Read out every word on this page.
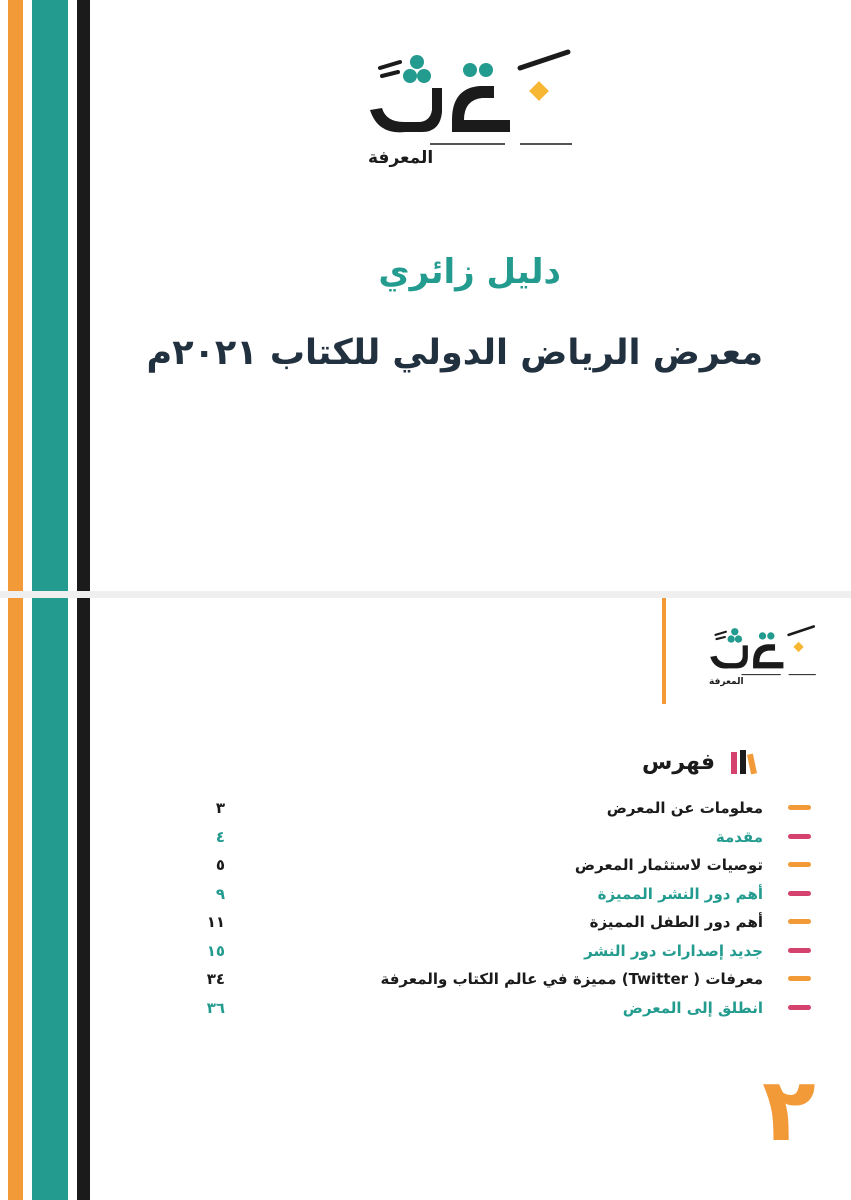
المعرفة
دليل زائري
معرض الرياض الدولي للكتاب ٢٠٢١م
المعرفة
فهرس
معلومات عن المعرض
٣
مقدمة
٤
توصيات لاستثمار المعرض
٥
أهم دور النشر المميزة
٩
أهم دور الطفل المميزة
١١
جديد إصدارات دور النشر
١٥
معرفات ( Twitter) مميزة في عالم الكتاب والمعرفة
٣٤
انطلق إلى المعرض
٣٦
٢
